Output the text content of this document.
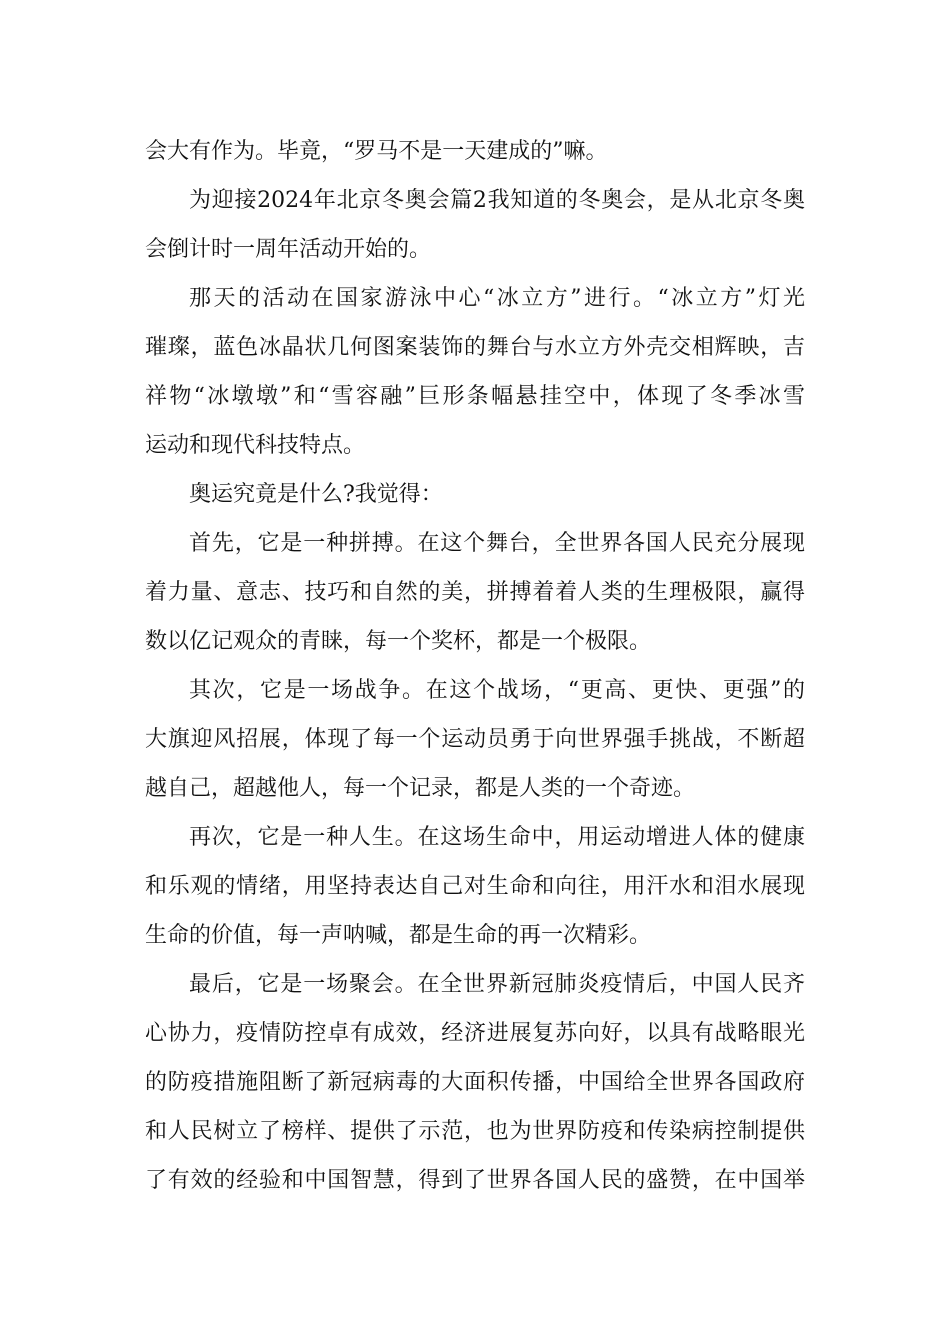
会大有作为。毕竟，“罗马不是一天建成的”嘛。
为迎接2024年北京冬奥会篇2我知道的冬奥会，是从北京冬奥
会倒计时一周年活动开始的。
那天的活动在国家游泳中心“冰立方”进行。“冰立方”灯光
璀璨，蓝色冰晶状几何图案装饰的舞台与水立方外壳交相辉映，吉
祥物“冰墩墩”和“雪容融”巨形条幅悬挂空中，体现了冬季冰雪
运动和现代科技特点。
奥运究竟是什么?我觉得：
首先，它是一种拼搏。在这个舞台，全世界各国人民充分展现
着力量、意志、技巧和自然的美，拼搏着着人类的生理极限，赢得
数以亿记观众的青睐，每一个奖杯，都是一个极限。
其次，它是一场战争。在这个战场，“更高、更快、更强”的
大旗迎风招展，体现了每一个运动员勇于向世界强手挑战，不断超
越自己，超越他人，每一个记录，都是人类的一个奇迹。
再次，它是一种人生。在这场生命中，用运动增进人体的健康
和乐观的情绪，用坚持表达自己对生命和向往，用汗水和泪水展现
生命的价值，每一声呐喊，都是生命的再一次精彩。
最后，它是一场聚会。在全世界新冠肺炎疫情后，中国人民齐
心协力，疫情防控卓有成效，经济进展复苏向好，以具有战略眼光
的防疫措施阻断了新冠病毒的大面积传播，中国给全世界各国政府
和人民树立了榜样、提供了示范，也为世界防疫和传染病控制提供
了有效的经验和中国智慧，得到了世界各国人民的盛赞，在中国举
